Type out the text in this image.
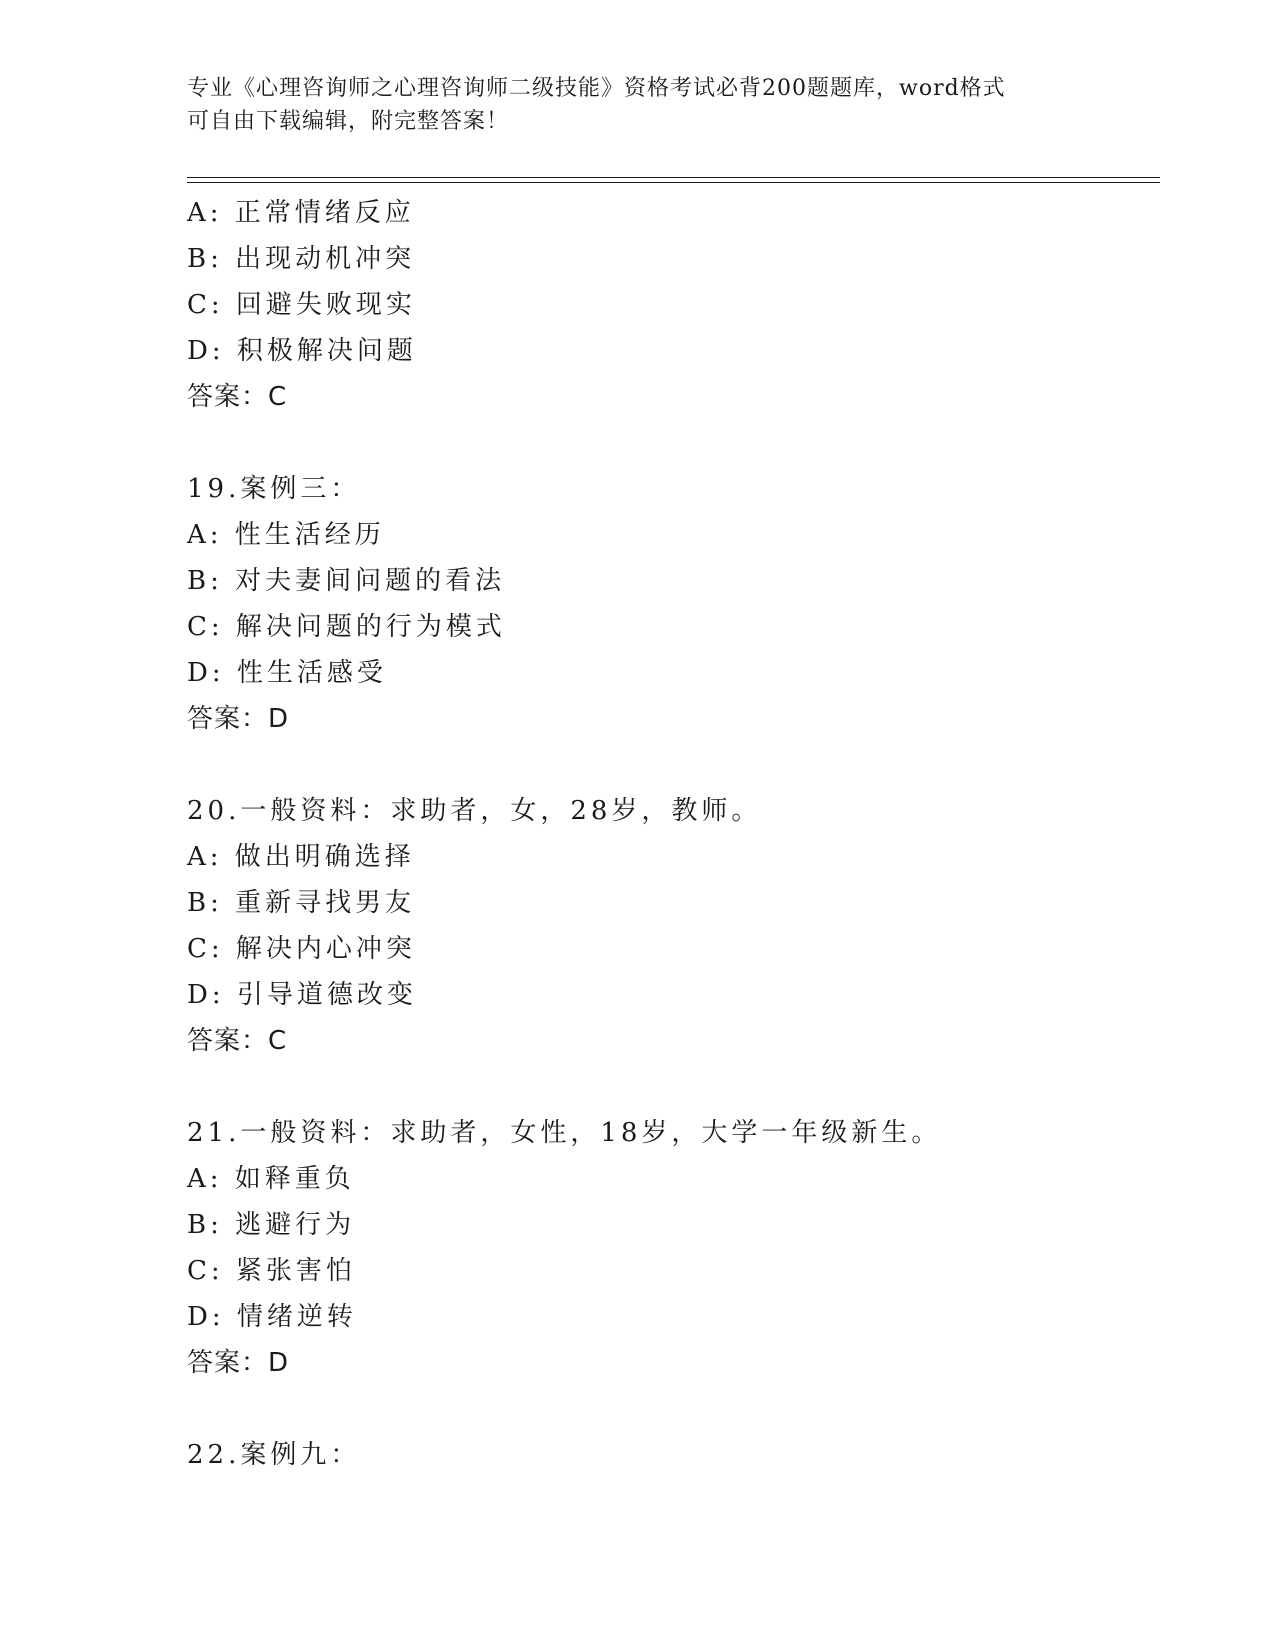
专业《心理咨询师之心理咨询师二级技能》资格考试必背200题题库，word格式
可自由下载编辑，附完整答案！
A: 正常情绪反应
B: 出现动机冲突
C: 回避失败现实
D: 积极解决问题
答案：C
19.案例三：
A: 性生活经历
B: 对夫妻间问题的看法
C: 解决问题的行为模式
D: 性生活感受
答案：D
20.一般资料：求助者，女，28岁，教师。
A: 做出明确选择
B: 重新寻找男友
C: 解决内心冲突
D: 引导道德改变
答案：C
21.一般资料：求助者，女性，18岁，大学一年级新生。
A: 如释重负
B: 逃避行为
C: 紧张害怕
D: 情绪逆转
答案：D
22.案例九：
